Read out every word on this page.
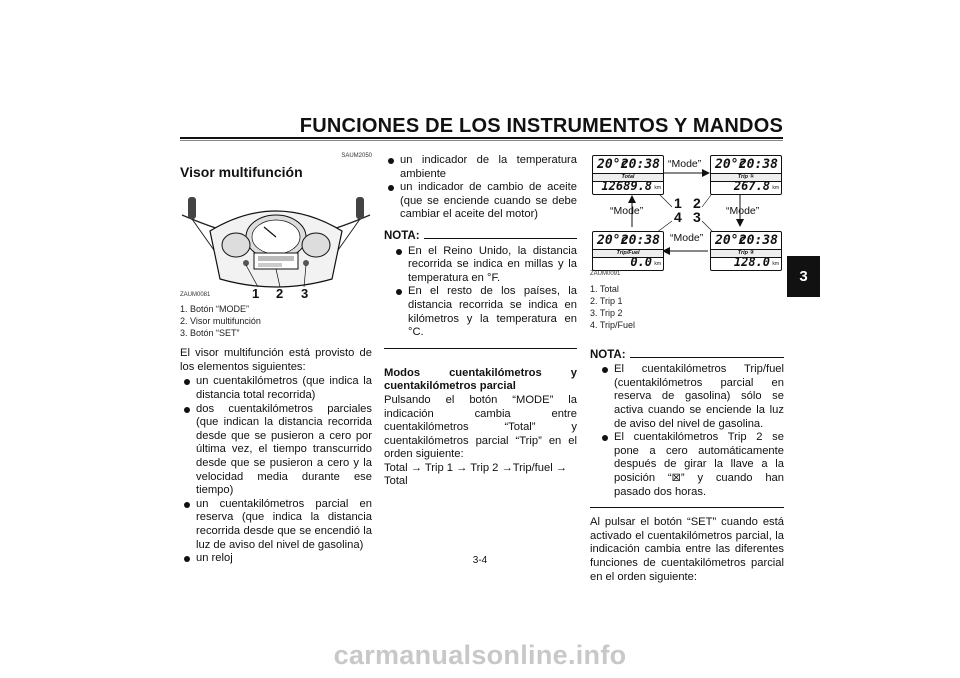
FUNCIONES DE LOS INSTRUMENTOS Y MANDOS
3
SAUM2050
Visor multifunción
ZAUM0081	1 2 3
1. Botón “MODE”
2. Visor multifunción
3. Botón “SET”
El visor multifunción está provisto de los elementos siguientes:
un cuentakilómetros (que indica la distancia total recorrida)
dos cuentakilómetros parciales (que indican la distancia recorrida desde que se pusieron a cero por última vez, el tiempo transcurrido desde que se pusieron a cero y la velocidad media durante ese tiempo)
un cuentakilómetros parcial en reserva (que indica la distancia recorrida desde que se encendió la luz de aviso del nivel de gasolina)
un reloj
un indicador de la temperatura ambiente
un indicador de cambio de aceite (que se enciende cuando se debe cambiar el aceite del motor)
NOTA:
En el Reino Unido, la distancia recorrida se indica en millas y la temperatura en °F.
En el resto de los países, la distancia recorrida se indica en kilómetros y la temperatura en °C.
Modos cuentakilómetros y cuentakilómetros parcial
Pulsando el botón “MODE” la indicación cambia entre cuentakilómetros “Total” y cuentakilómetros parcial “Trip” en el orden siguiente:
Total → Trip 1 → Trip 2 →Trip/fuel → Total
20°c
20:38
Total
12689.8 km
20°c
20:38
Trip ①
267.8 km
20°c
20:38
Trip/Fuel
0.0 km
20°c
20:38
Trip ②
128.0 km
“Mode”
“Mode”	“Mode”
“Mode”
1 2
4 3
ZAUM0091
1. Total
2. Trip 1
3. Trip 2
4. Trip/Fuel
NOTA:
El cuentakilómetros Trip/fuel (cuentakilómetros parcial en reserva de gasolina) sólo se activa cuando se enciende la luz de aviso del nivel de gasolina.
El cuentakilómetros Trip 2 se pone a cero automáticamente después de girar la llave a la posición “⊠” y cuando han pasado dos horas.
Al pulsar el botón “SET” cuando está activado el cuentakilómetros parcial, la indicación cambia entre las diferentes funciones de cuentakilómetros parcial en el orden siguiente:
3-4
carmanualsonline.info
